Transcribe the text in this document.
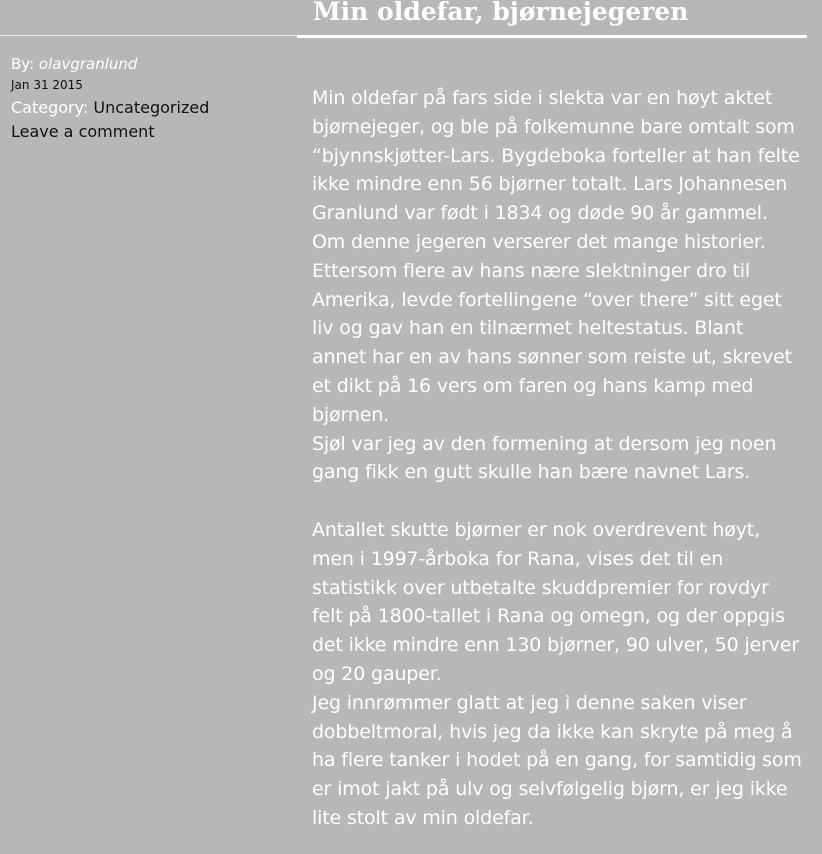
Min oldefar, bjørnejegeren
By: olavgranlund
Jan 31 2015
Category: Uncategorized
Leave a comment

Min oldefar på fars side i slekta var en høyt aktet bjørnejeger, og ble på folkemunne bare omtalt som “bjynnskjøtter-Lars. Bygdeboka forteller at han felte ikke mindre enn 56 bjørner totalt. Lars Johannesen Granlund var født i 1834 og døde 90 år gammel. Om denne jegeren verserer det mange historier. Ettersom flere av hans nære slektninger dro til Amerika, levde fortellingene “over there” sitt eget liv og gav han en tilnærmet heltestatus. Blant annet har en av hans sønner som reiste ut, skrevet et dikt på 16 vers om faren og hans kamp med bjørnen.

Sjøl var jeg av den formening at dersom jeg noen gang fikk en gutt skulle han bære navnet Lars.

Antallet skutte bjørner er nok overdrevent høyt, men i 1997-årboka for Rana, vises det til en statistikk over utbetalte skuddpremier for rovdyr felt på 1800-tallet i Rana og omegn, og der oppgis det ikke mindre enn 130 bjørner, 90 ulver, 50 jerver og 20 gauper.

Jeg innrømmer glatt at jeg i denne saken viser dobbeltmoral, hvis jeg da ikke kan skryte på meg å ha flere tanker i hodet på en gang, for samtidig som er imot jakt på ulv og selvfølgelig bjørn, er jeg ikke lite stolt av min oldefar.
